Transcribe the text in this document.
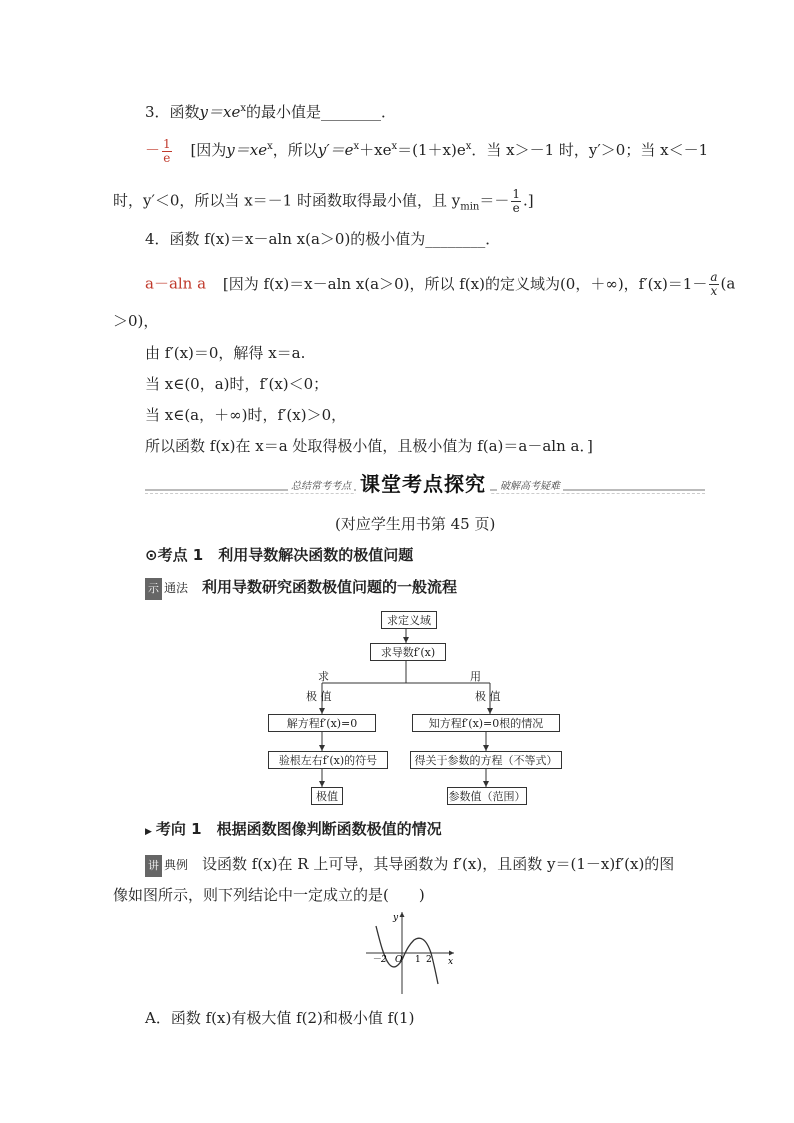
3．函数$y=xe^x$的最小值是________．
－ $\frac{1}{e}$ [因为$y=xe^x$，所以$y'=e^x+xe^x=(1+x)e^x$．当 x＞－1 时，y′＞0；当 x＜－1
时，y′＜0，所以当 x＝－1 时函数取得最小值，且 $y_{min}=- \frac{1}{e}$ .]
4．函数 f(x)＝x－aln x(a＞0)的极小值为________．
a－aln a [因为 f(x)＝x－aln x(a＞0)，所以 f(x)的定义域为(0，＋∞)，$f'(x)=1- \frac{a}{x} (a$
＞0)，
由 f′(x)＝0，解得 x＝a.
当 x∈(0，a)时，f′(x)＜0；
当 x∈(a，＋∞)时，f′(x)＞0，
所以函数 f(x)在 x＝a 处取得极小值，且极小值为 f(a)＝a－aln a．]
总结常考考点 课堂考点探究	破解高考疑难
(对应学生用书第 45 页)
⊙考点 1　利用导数解决函数的极值问题
示 通法 利用导数研究函数极值问题的一般流程
求定义域
求导数f′(x)
求
极 值
用
极 值
解方程f′(x)=0
验根左右f′(x)的符号
极值
知方程f′(x)=0根的情况
得关于参数的方程（不等式）
参数值（范围）
▶ 考向 1　根据函数图像判断函数极值的情况
讲 典例 设函数 f(x)在 R 上可导，其导函数为 f′(x)，且函数 y＝(1－x)f′(x)的图
像如图所示，则下列结论中一定成立的是(　　)
－2 O 1 2 x
y
A．函数 f(x)有极大值 f(2)和极小值 f(1)
